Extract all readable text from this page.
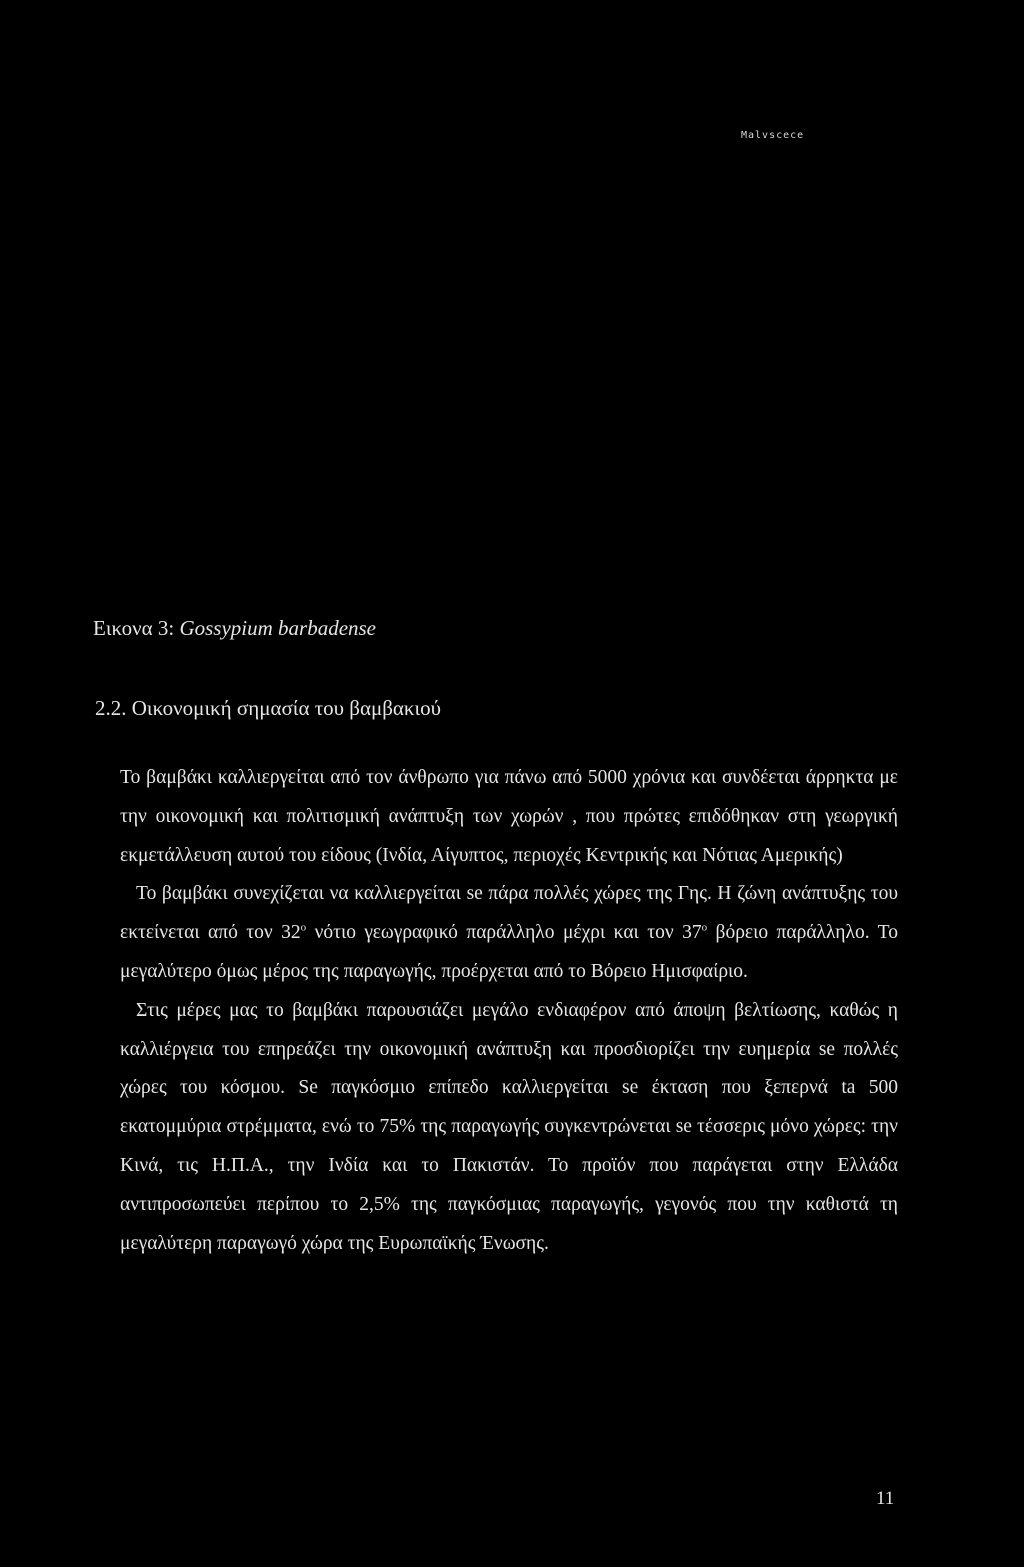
Malvscece
Εικονα 3: Gossypium barbadense
2.2. Οικονομική σημασία του βαμβακιού

Το βαμβάκι καλλιεργείται από τον άνθρωπο για πάνω από 5000 χρόνια και συνδέεται άρρηκτα με την οικονομική και πολιτισμική ανάπτυξη των χωρών , που πρώτες επιδόθηκαν στη γεωργική εκμετάλλευση αυτού του είδους (Ινδία, Αίγυπτος, περιοχές Κεντρικής και Νότιας Αμερικής)

Το βαμβάκι συνεχίζεται να καλλιεργείται se πάρα πολλές χώρες της Γης. Η ζώνη ανάπτυξης του εκτείνεται από τον $32^o$ νότιο γεωγραφικό παράλληλο μέχρι και τον $37^o$ βόρειο παράλληλο. Το μεγαλύτερο όμως μέρος της παραγωγής, προέρχεται από το Βόρειο Ημισφαίριο.

Στις μέρες μας το βαμβάκι παρουσιάζει μεγάλο ενδιαφέρον από άποψη βελτίωσης, καθώς η καλλιέργεια του επηρεάζει την οικονομική ανάπτυξη και προσδιορίζει την ευημερία se πολλές χώρες του κόσμου. Se παγκόσμιο επίπεδο καλλιεργείται se έκταση που ξεπερνά ta 500 εκατομμύρια στρέμματα, ενώ το 75% της παραγωγής συγκεντρώνεται se τέσσερις μόνο χώρες: την Κινά, τις Η.Π.Α., την Ινδία και το Πακιστάν. Το προϊόν που παράγεται στην Ελλάδα αντιπροσωπεύει περίπου το 2,5% της παγκόσμιας παραγωγής, γεγονός που την καθιστά τη μεγαλύτερη παραγωγό χώρα της Ευρωπαϊκής Ένωσης.

11
